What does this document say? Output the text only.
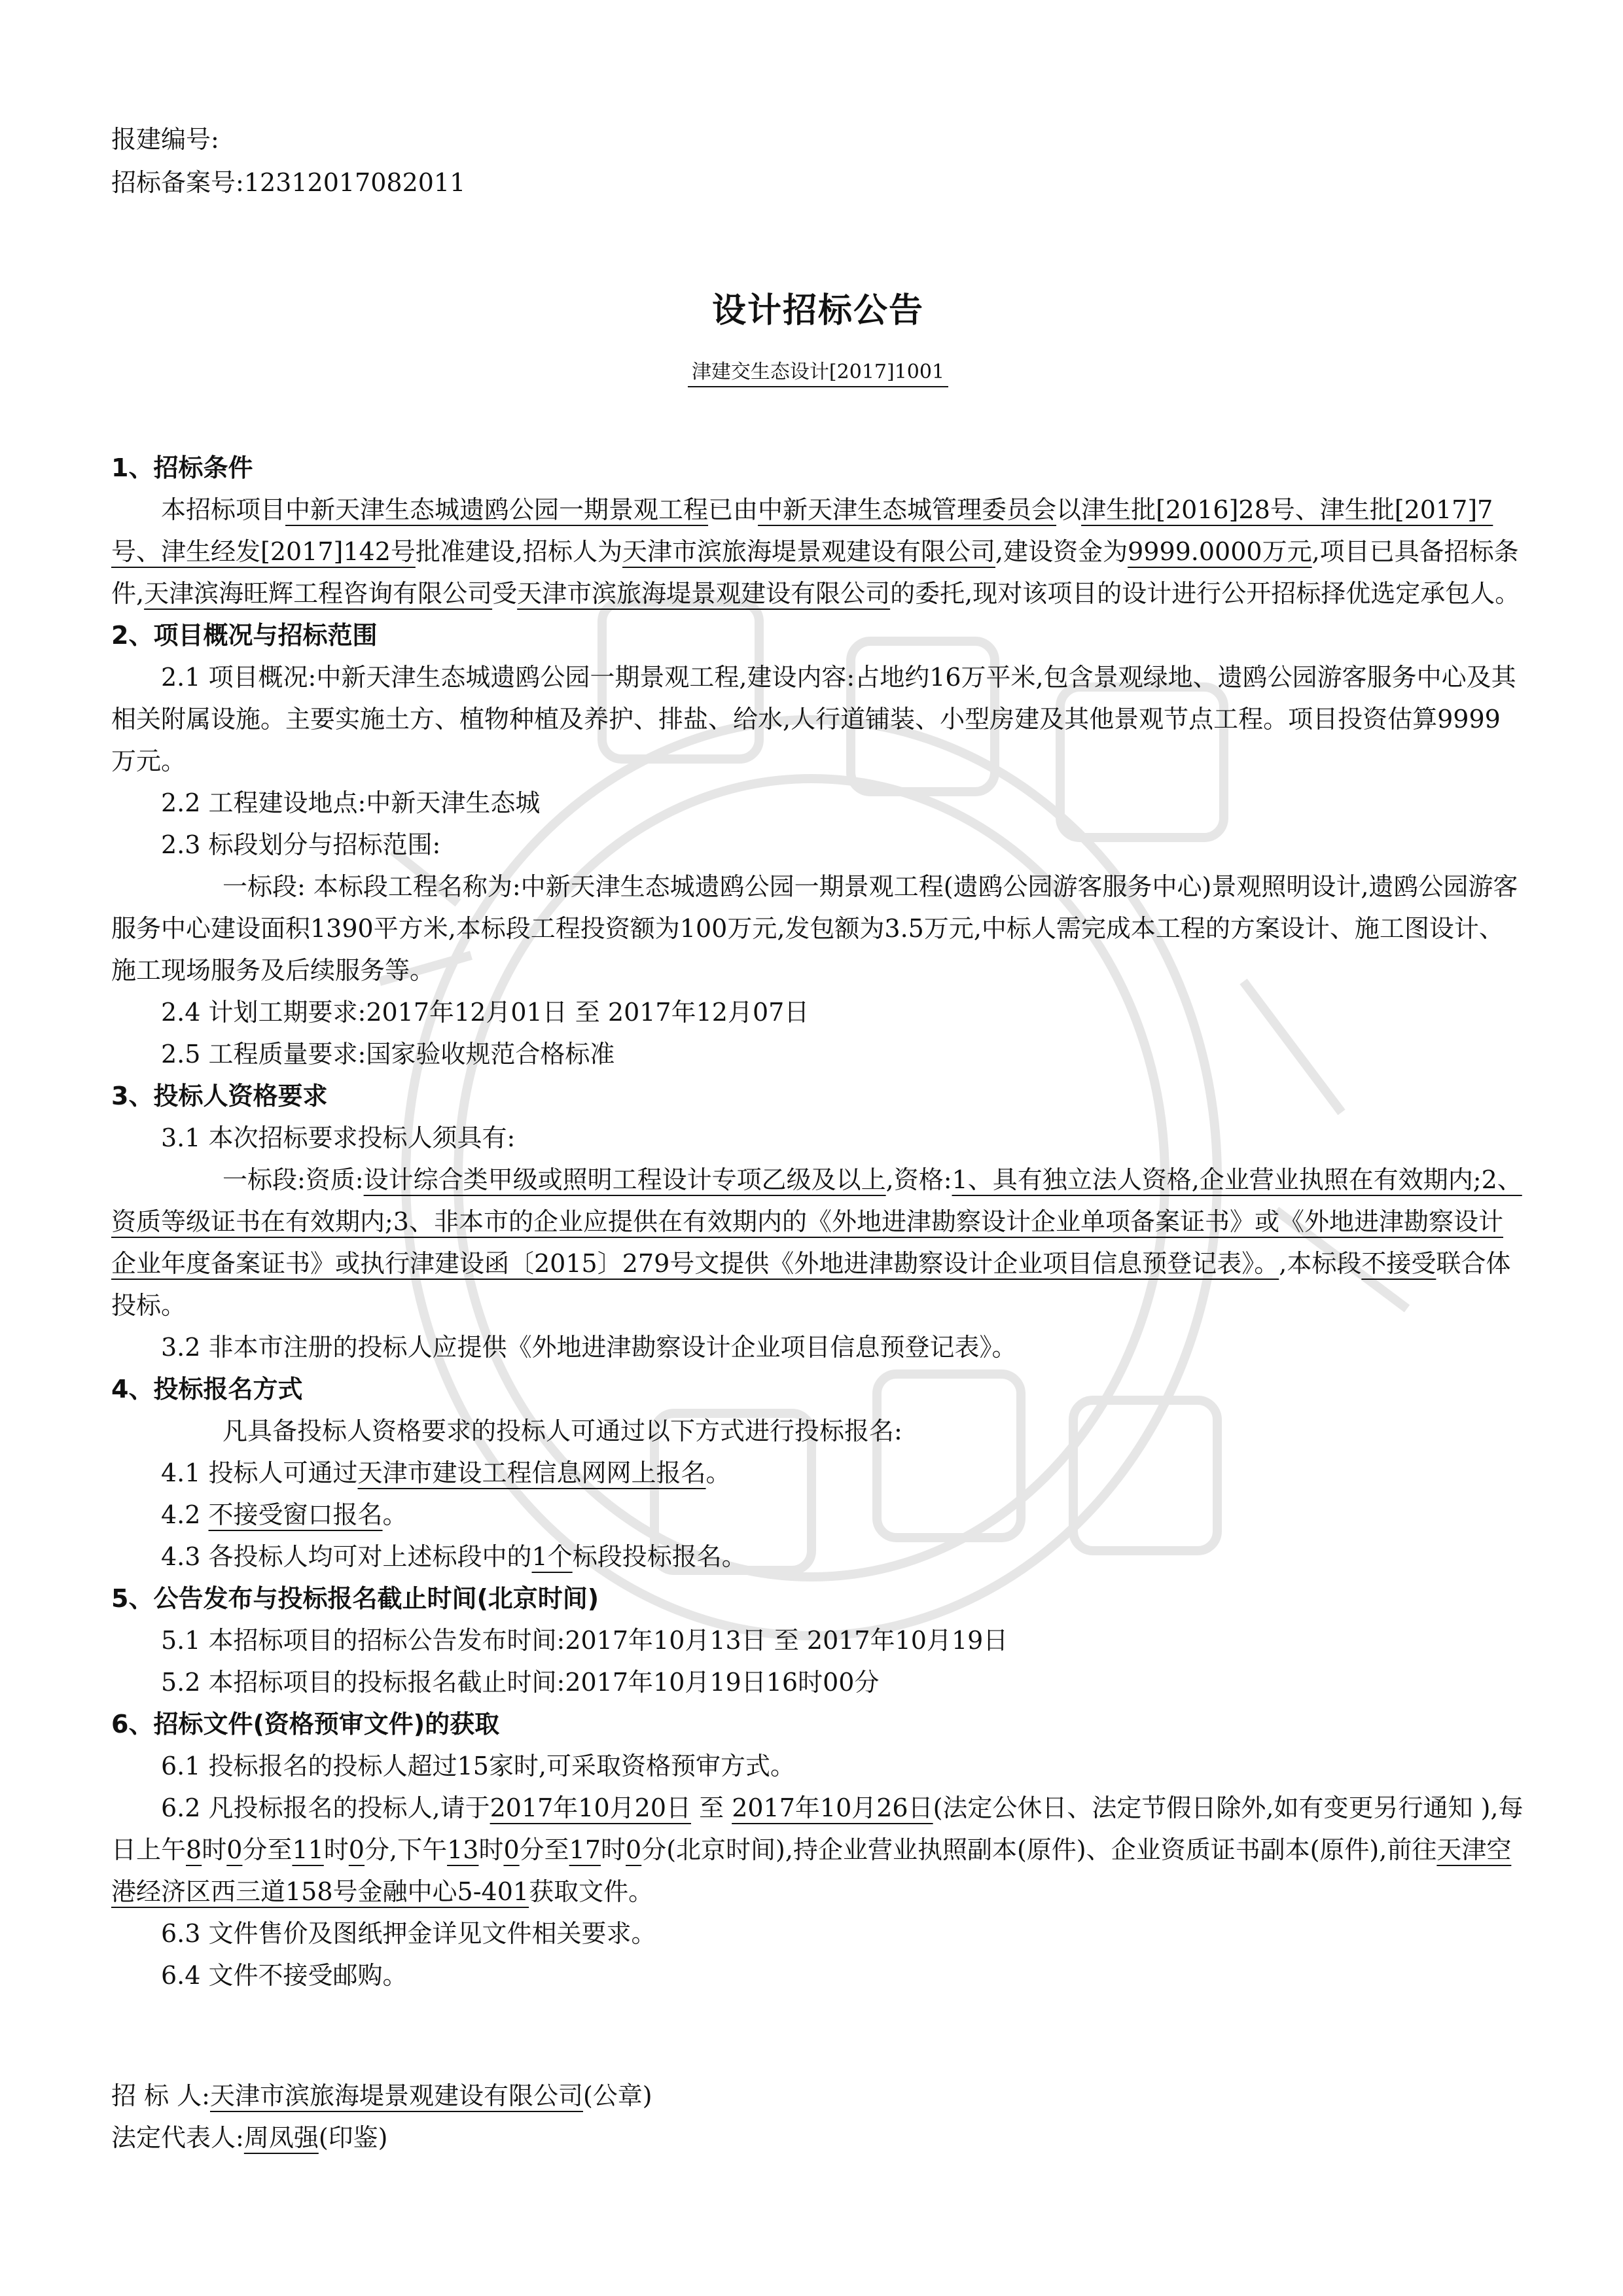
报建编号:

招标备案号:12312017082011

设计招标公告
津建交生态设计[2017]1001

1、招标条件

本招标项目中新天津生态城遗鸥公园一期景观工程已由中新天津生态城管理委员会以津生批[2016]28号、津生批[2017]7号、津生经发[2017]142号批准建设,招标人为天津市滨旅海堤景观建设有限公司,建设资金为9999.0000万元,项目已具备招标条件,天津滨海旺辉工程咨询有限公司受天津市滨旅海堤景观建设有限公司的委托,现对该项目的设计进行公开招标择优选定承包人。

2、项目概况与招标范围

2.1 项目概况:中新天津生态城遗鸥公园一期景观工程,建设内容:占地约16万平米,包含景观绿地、遗鸥公园游客服务中心及其相关附属设施。主要实施土方、植物种植及养护、排盐、给水,人行道铺装、小型房建及其他景观节点工程。项目投资估算9999万元。

2.2 工程建设地点:中新天津生态城

2.3 标段划分与招标范围:

一标段: 本标段工程名称为:中新天津生态城遗鸥公园一期景观工程(遗鸥公园游客服务中心)景观照明设计,遗鸥公园游客服务中心建设面积1390平方米,本标段工程投资额为100万元,发包额为3.5万元,中标人需完成本工程的方案设计、施工图设计、施工现场服务及后续服务等。

2.4 计划工期要求:2017年12月01日 至 2017年12月07日

2.5 工程质量要求:国家验收规范合格标准

3、投标人资格要求

3.1 本次招标要求投标人须具有:

一标段:资质:设计综合类甲级或照明工程设计专项乙级及以上,资格:1、具有独立法人资格,企业营业执照在有效期内;2、资质等级证书在有效期内;3、非本市的企业应提供在有效期内的《外地进津勘察设计企业单项备案证书》或《外地进津勘察设计企业年度备案证书》或执行津建设函〔2015〕279号文提供《外地进津勘察设计企业项目信息预登记表》。,本标段不接受联合体投标。

3.2 非本市注册的投标人应提供《外地进津勘察设计企业项目信息预登记表》。

4、投标报名方式

凡具备投标人资格要求的投标人可通过以下方式进行投标报名:

4.1 投标人可通过天津市建设工程信息网网上报名。

4.2 不接受窗口报名。

4.3 各投标人均可对上述标段中的1个标段投标报名。

5、公告发布与投标报名截止时间(北京时间)

5.1 本招标项目的招标公告发布时间:2017年10月13日 至 2017年10月19日

5.2 本招标项目的投标报名截止时间:2017年10月19日16时00分

6、招标文件(资格预审文件)的获取

6.1 投标报名的投标人超过15家时,可采取资格预审方式。

6.2 凡投标报名的投标人,请于2017年10月20日 至 2017年10月26日(法定公休日、法定节假日除外,如有变更另行通知 ),每日上午8时0分至11时0分,下午13时0分至17时0分(北京时间),持企业营业执照副本(原件)、企业资质证书副本(原件),前往天津空港经济区西三道158号金融中心5-401获取文件。

6.3 文件售价及图纸押金详见文件相关要求。

6.4 文件不接受邮购。

招 标 人:天津市滨旅海堤景观建设有限公司(公章)

法定代表人:周凤强(印鉴)
